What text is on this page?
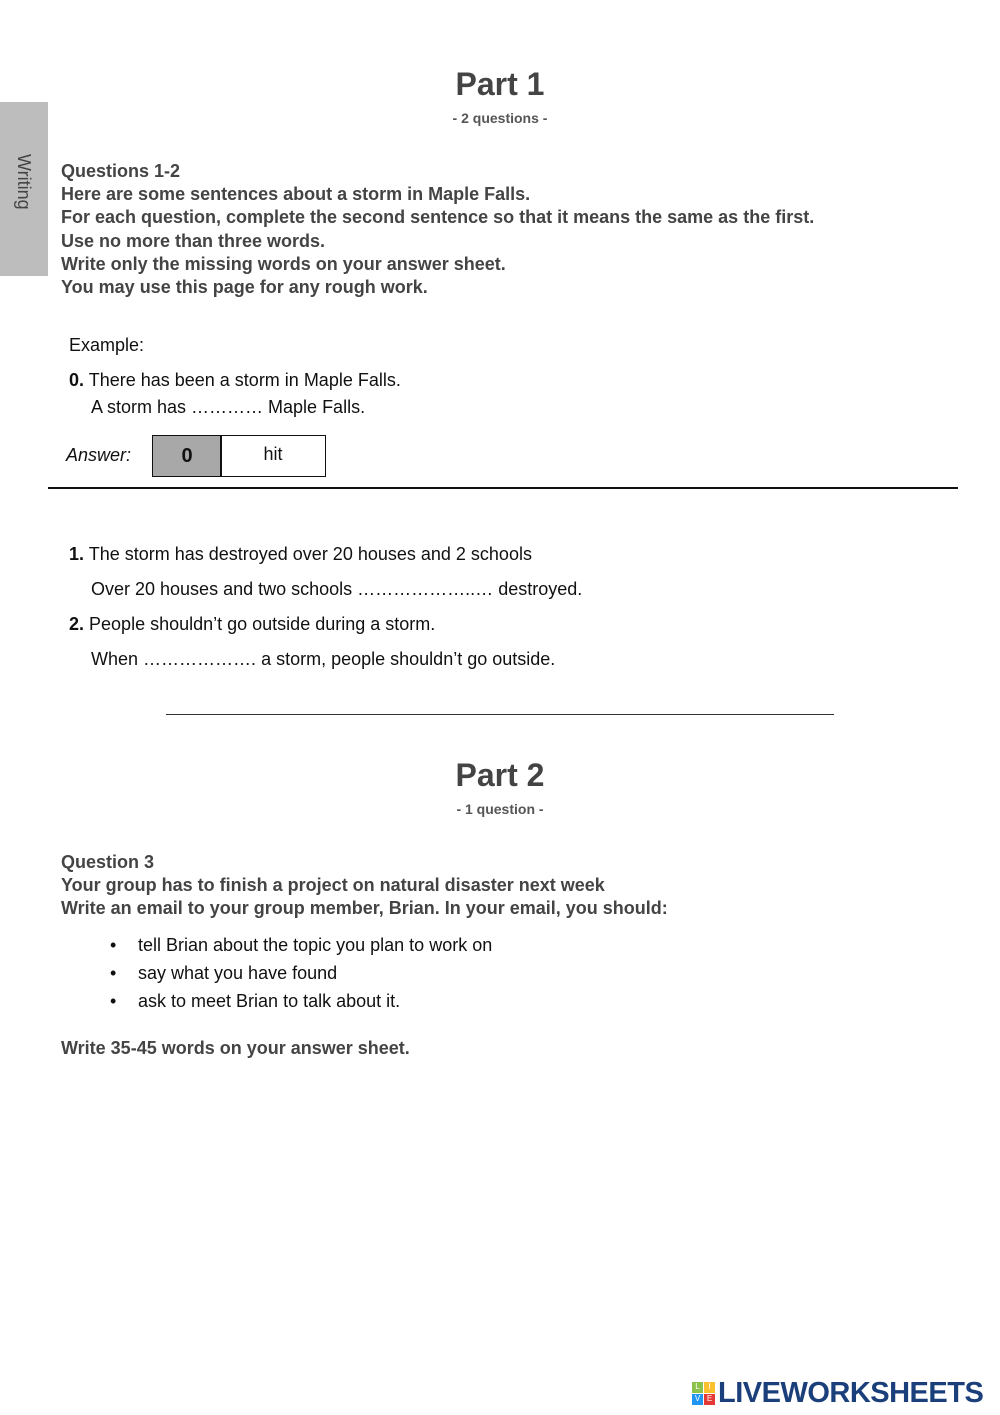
Writing
Part 1
- 2 questions -
Questions 1-2
Here are some sentences about a storm in Maple Falls.
For each question, complete the second sentence so that it means the same as the first.
Use no more than three words.
Write only the missing words on your answer sheet.
You may use this page for any rough work.
Example:
0. There has been a storm in Maple Falls.
A storm has ………… Maple Falls.
Answer:	0	hit
1. The storm has destroyed over 20 houses and 2 schools
Over 20 houses and two schools ………………..… destroyed.
2. People shouldn’t go outside during a storm.
When ………………. a storm, people shouldn’t go outside.
Part 2
- 1 question -
Question 3
Your group has to finish a project on natural disaster next week
Write an email to your group member, Brian. In your email, you should:
• tell Brian about the topic you plan to work on
• say what you have found
• ask to meet Brian to talk about it.
Write 35-45 words on your answer sheet.
L	I
V E LIVEWORKSHEETS
